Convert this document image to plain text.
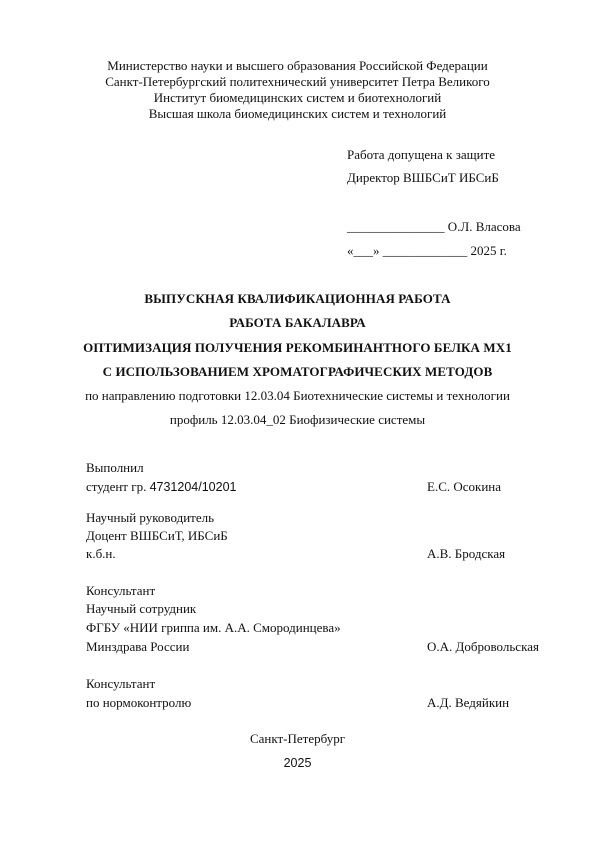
Министерство науки и высшего образования Российской Федерации
Санкт-Петербургский политехнический университет Петра Великого
Институт биомедицинских систем и биотехнологий
Высшая школа биомедицинских систем и технологий
Работа допущена к защите
Директор ВШБСиТ ИБСиБ
_______________ О.Л. Власова
«___» _____________ 2025 г.
ВЫПУСКНАЯ КВАЛИФИКАЦИОННАЯ РАБОТА
РАБОТА БАКАЛАВРА
ОПТИМИЗАЦИЯ ПОЛУЧЕНИЯ РЕКОМБИНАНТНОГО БЕЛКА MX1
С ИСПОЛЬЗОВАНИЕМ ХРОМАТОГРАФИЧЕСКИХ МЕТОДОВ
по направлению подготовки 12.03.04 Биотехнические системы и технологии
профиль 12.03.04_02 Биофизические системы
Выполнил
студент гр. 4731204/10201	Е.С. Осокина
Научный руководитель
Доцент ВШБСиТ, ИБСиБ
к.б.н.	А.В. Бродская
Консультант
Научный сотрудник
ФГБУ «НИИ гриппа им. А.А. Смородинцева»
Минздрава России	О.А. Добровольская
Консультант
по нормоконтролю	А.Д. Ведяйкин
Санкт-Петербург
2025
